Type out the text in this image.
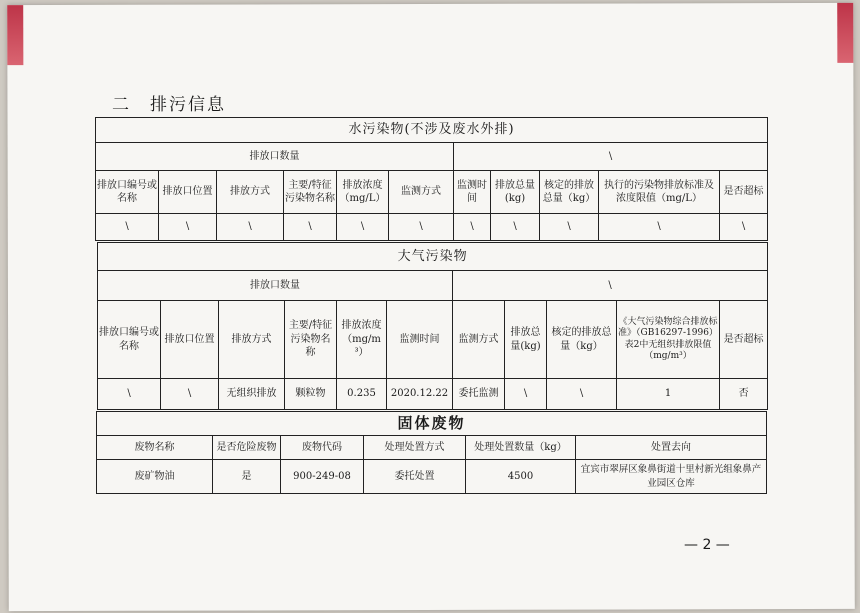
二　排污信息
水污染物(不涉及废水外排)										
排放口数量						\				
排放口编号或名称	排放口位置	排放方式	主要/特征污染物名称	排放浓度（mg/L）	监测方式	监测时间	排放总量(kg)	核定的排放总量（kg）	执行的污染物排放标准及浓度限值（mg/L）	是否超标
\	\	\	\	\	\	\	\	\	\	\
大气污染物										
排放口数量						\				
排放口编号或名称	排放口位置	排放方式	主要/特征污染物名称	排放浓度（mg/m³）	监测时间	监测方式	排放总量(kg)	核定的排放总量（kg）	《大气污染物综合排放标准》（GB16297-1996）表2中无组织排放限值（mg/m³）	是否超标
\	\	无组织排放	颗粒物	0.235	2020.12.22	委托监测	\	\	1	否
固体废物					
废物名称	是否危险废物	废物代码	处理处置方式	处理处置数量（kg）	处置去向
废矿物油	是	900-249-08	委托处置	4500	宜宾市翠屏区象鼻街道十里村新光组象鼻产业园区仓库
— 2 —
